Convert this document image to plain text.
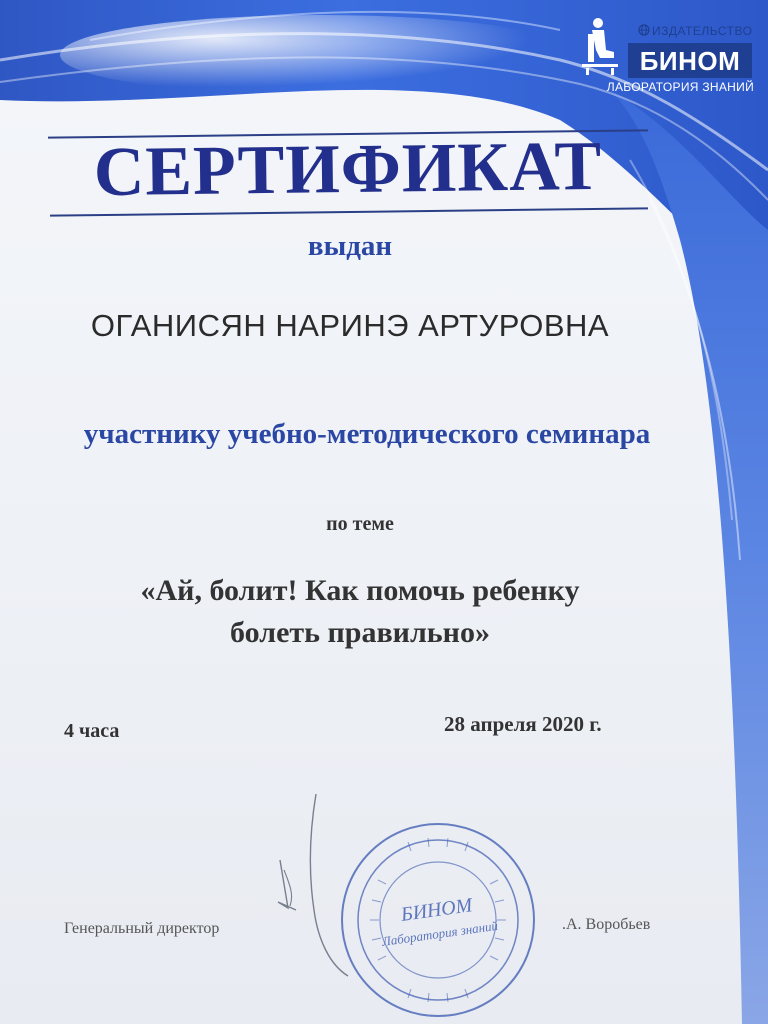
ИЗДАТЕЛЬСТВО
БИНОМ
ЛАБОРАТОРИЯ ЗНАНИЙ
СЕРТИФИКАТ
выдан
ОГАНИСЯН НАРИНЭ АРТУРОВНА
участнику учебно-методического семинара
по теме
«Ай, болит! Как помочь ребенку
болеть правильно»
4 часа	28 апреля 2020 г.
Генеральный директор	.А. Воробьев
БИНОМ
Лаборатория знаний
